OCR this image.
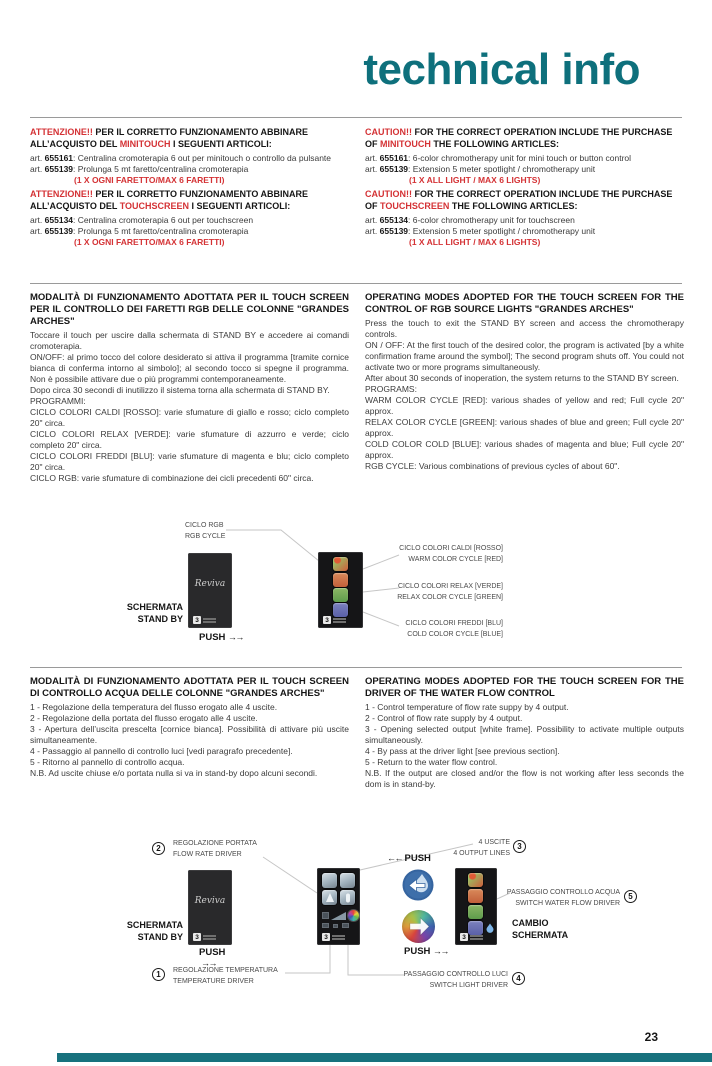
technical info
ATTENZIONE!! PER IL CORRETTO FUNZIONAMENTO ABBINARE ALL’ACQUISTO DEL MINITOUCH I SEGUENTI ARTICOLI:
art. 655161: Centralina cromoterapia 6 out per minitouch o controllo da pulsante
art. 655139: Prolunga 5 mt faretto/centralina cromoterapia
(1 X OGNI FARETTO/MAX 6 FARETTI)
ATTENZIONE!! PER IL CORRETTO FUNZIONAMENTO ABBINARE ALL’ACQUISTO DEL TOUCHSCREEN I SEGUENTI ARTICOLI:
art. 655134: Centralina cromoterapia 6 out per touchscreen
art. 655139: Prolunga 5 mt faretto/centralina cromoterapia
(1 X OGNI FARETTO/MAX 6 FARETTI)
CAUTION!! FOR THE CORRECT OPERATION INCLUDE THE PURCHASE OF MINITOUCH THE FOLLOWING ARTICLES:
art. 655161: 6-color chromotherapy unit for mini touch or button control
art. 655139: Extension 5 meter spotlight / chromotherapy unit
(1 X ALL LIGHT / MAX 6 LIGHTS)
CAUTION!! FOR THE CORRECT OPERATION INCLUDE THE PURCHASE OF TOUCHSCREEN THE FOLLOWING ARTICLES:
art. 655134: 6-color chromotherapy unit for touchscreen
art. 655139: Extension 5 meter spotlight / chromotherapy unit
(1 X ALL LIGHT / MAX 6 LIGHTS)
MODALITÀ DI FUNZIONAMENTO ADOTTATA PER IL TOUCH SCREEN PER IL CONTROLLO DEI FARETTI RGB DELLE COLONNE "GRANDES ARCHES"
Toccare il touch per uscire dalla schermata di STAND BY e accedere ai comandi cromoterapia.
ON/OFF: al primo tocco del colore desiderato si attiva il programma [tramite cornice bianca di conferma intorno al simbolo]; al secondo tocco si spegne il programma. Non è possibile attivare due o più programmi contemporaneamente.
Dopo circa 30 secondi di inutilizzo il sistema torna alla schermata di STAND BY.
PROGRAMMI:
CICLO COLORI CALDI [ROSSO]: varie sfumature di giallo e rosso; ciclo completo 20" circa.
CICLO COLORI RELAX [VERDE]: varie sfumature di azzurro e verde; ciclo completo 20" circa.
CICLO COLORI FREDDI [BLU]: varie sfumature di magenta e blu; ciclo completo 20" circa.
CICLO RGB: varie sfumature di combinazione dei cicli precedenti 60" circa.
OPERATING MODES ADOPTED FOR THE TOUCH SCREEN FOR THE CONTROL OF RGB SOURCE LIGHTS "GRANDES ARCHES"
Press the touch to exit the STAND BY screen and access the chromotherapy controls.
ON / OFF: At the first touch of the desired color, the program is activated [by a white confirmation frame around the symbol]; The second program shuts off. You could not activate two or more programs simultaneously.
After about 30 seconds of inoperation, the system returns to the STAND BY screen.
PROGRAMS:
WARM COLOR CYCLE [RED]: various shades of yellow and red; Full cycle 20" approx.
RELAX COLOR CYCLE [GREEN]: various shades of blue and green; Full cycle 20" approx.
COLD COLOR COLD [BLUE]: various shades of magenta and blue; Full cycle 20" approx.
RGB CYCLE: Various combinations of previous cycles of about 60".
CICLO RGB
RGB CYCLE
SCHERMATA
STAND BY
Reviva
3
PUSH →→
3
CICLO COLORI CALDI [ROSSO]
WARM COLOR CYCLE [RED]
CICLO COLORI RELAX [VERDE]
RELAX COLOR CYCLE [GREEN]
CICLO COLORI FREDDI [BLU]
COLD COLOR CYCLE [BLUE]
MODALITÀ DI FUNZIONAMENTO ADOTTATA PER IL TOUCH SCREEN DI CONTROLLO ACQUA DELLE COLONNE "GRANDES ARCHES"
1 - Regolazione della temperatura del flusso erogato alle 4 uscite.
2 - Regolazione della portata del flusso erogato alle 4 uscite.
3 - Apertura dell’uscita prescelta [cornice bianca]. Possibilità di attivare più uscite simultaneamente.
4 - Passaggio al pannello di controllo luci [vedi paragrafo precedente].
5 - Ritorno al pannello di controllo acqua.
N.B. Ad uscite chiuse e/o portata nulla si va in stand-by dopo alcuni secondi.
OPERATING MODES ADOPTED FOR THE TOUCH SCREEN FOR THE DRIVER OF THE WATER FLOW CONTROL
1 - Control temperature of flow rate suppy by 4 output.
2 - Control of flow rate supply by 4 output.
3 - Opening selected output [white frame]. Possibility to activate multiple outputs simultaneously.
4 - By pass at the driver light [see previous section].
5 - Return to the water flow control.
N.B. If the output are closed and/or the flow is not working after less seconds the dom is in stand-by.
2
REGOLAZIONE PORTATA
FLOW RATE DRIVER
4 USCITE
4 OUTPUT LINES
3
←← PUSH
SCHERMATA
STAND BY
Reviva
3
PUSH
→→
1	REGOLAZIONE TEMPERATURA
TEMPERATURE DRIVER
3
PUSH →→
3
PASSAGGIO CONTROLLO ACQUA
SWITCH WATER FLOW DRIVER
5
CAMBIO
SCHERMATA
PASSAGGIO CONTROLLO LUCI
SWITCH LIGHT DRIVER
4
23
